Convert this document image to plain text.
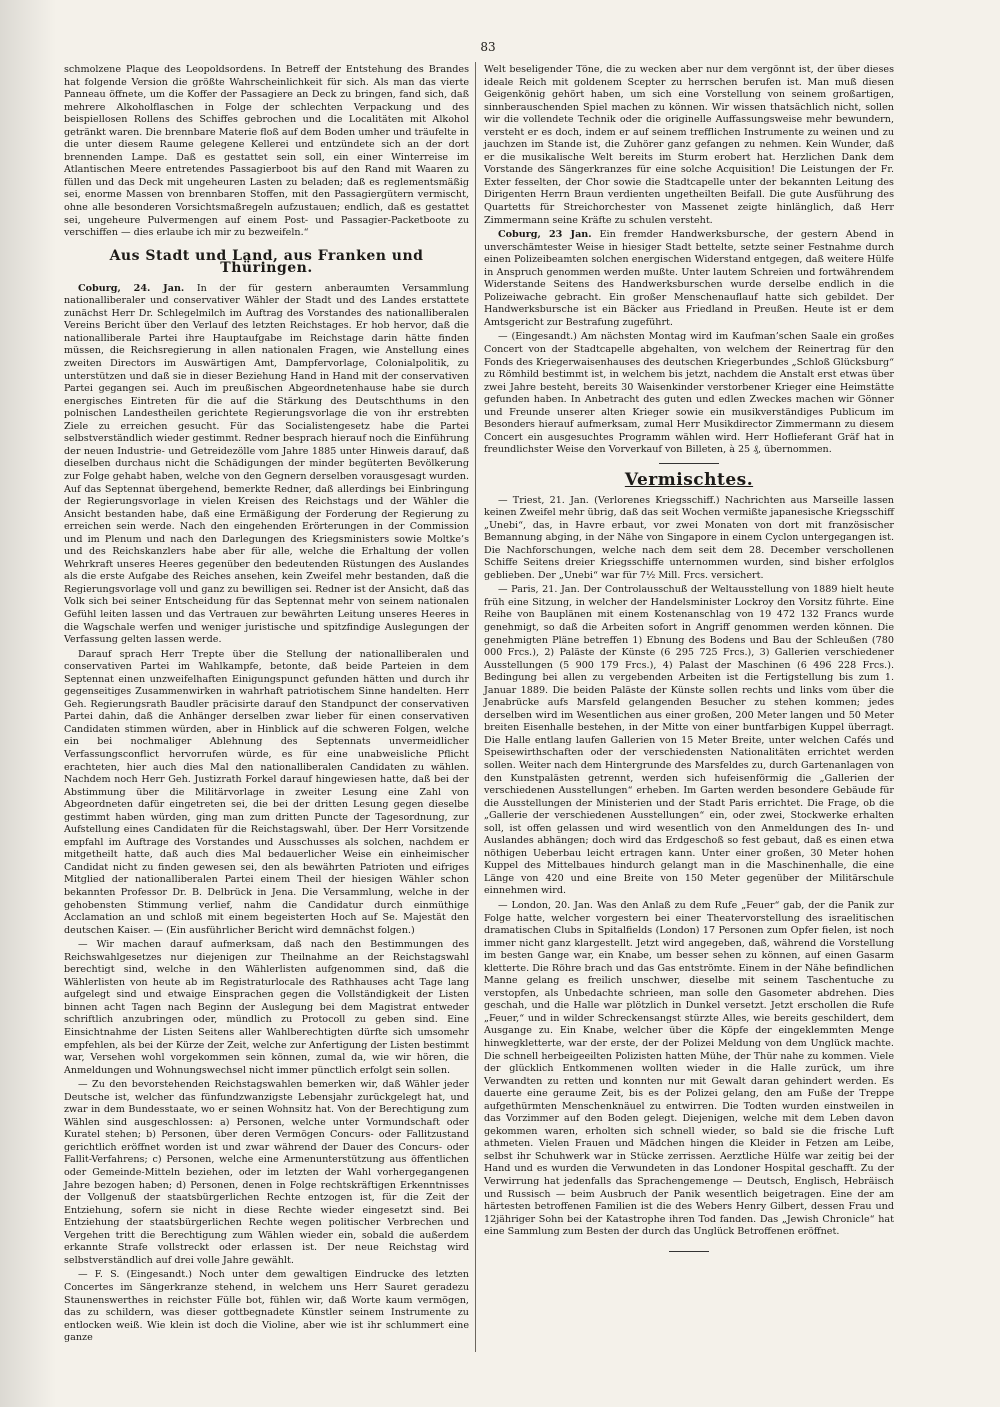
83

schmolzene Plaque des Leopoldsordens. In Betreff der Entstehung des Brandes hat folgende Version die größte Wahrscheinlichkeit für sich. Als man das vierte Panneau öffnete, um die Koffer der Passagiere an Deck zu bringen, fand sich, daß mehrere Alkoholflaschen in Folge der schlechten Verpackung und des beispiellosen Rollens des Schiffes gebrochen und die Localitäten mit Alkohol getränkt waren. Die brennbare Materie floß auf dem Boden umher und träufelte in die unter diesem Raume gelegene Kellerei und entzündete sich an der dort brennenden Lampe. Daß es gestattet sein soll, ein einer Winterreise im Atlantischen Meere entretendes Passagierboot bis auf den Rand mit Waaren zu füllen und das Deck mit ungeheuren Lasten zu beladen; daß es reglementsmäßig sei, enorme Massen von brennbaren Stoffen, mit den Passagiergütern vermischt, ohne alle besonderen Vorsichtsmaßregeln aufzustauen; endlich, daß es gestattet sei, ungeheure Pulvermengen auf einem Post- und Passagier-Packetboote zu verschiffen — dies erlaube ich mir zu bezweifeln.“

Aus Stadt und Land, aus Franken und Thüringen.

Coburg, 24. Jan. In der für gestern anberaumten Versammlung nationalliberaler und conservativer Wähler der Stadt und des Landes erstattete zunächst Herr Dr. Schlegelmilch im Auftrag des Vorstandes des nationalliberalen Vereins Bericht über den Verlauf des letzten Reichstages. Er hob hervor, daß die nationalliberale Partei ihre Hauptaufgabe im Reichstage darin hätte finden müssen, die Reichsregierung in allen nationalen Fragen, wie Anstellung eines zweiten Directors im Auswärtigen Amt, Dampfervorlage, Colonialpolitik, zu unterstützen und daß sie in dieser Beziehung Hand in Hand mit der conservativen Partei gegangen sei. Auch im preußischen Abgeordnetenhause habe sie durch energisches Eintreten für die auf die Stärkung des Deutschthums in den polnischen Landestheilen gerichtete Regierungsvorlage die von ihr erstrebten Ziele zu erreichen gesucht. Für das Socialistengesetz habe die Partei selbstverständlich wieder gestimmt. Redner besprach hierauf noch die Einführung der neuen Industrie- und Getreidezölle vom Jahre 1885 unter Hinweis darauf, daß dieselben durchaus nicht die Schädigungen der minder begüterten Bevölkerung zur Folge gehabt haben, welche von den Gegnern derselben vorausgesagt wurden. Auf das Septennat übergehend, bemerkte Redner, daß allerdings bei Einbringung der Regierungsvorlage in vielen Kreisen des Reichstags und der Wähler die Ansicht bestanden habe, daß eine Ermäßigung der Forderung der Regierung zu erreichen sein werde. Nach den eingehenden Erörterungen in der Commission und im Plenum und nach den Darlegungen des Kriegsministers sowie Moltke’s und des Reichskanzlers habe aber für alle, welche die Erhaltung der vollen Wehrkraft unseres Heeres gegenüber den bedeutenden Rüstungen des Auslandes als die erste Aufgabe des Reiches ansehen, kein Zweifel mehr bestanden, daß die Regierungsvorlage voll und ganz zu bewilligen sei. Redner ist der Ansicht, daß das Volk sich bei seiner Entscheidung für das Septennat mehr von seinem nationalen Gefühl leiten lassen und das Vertrauen zur bewährten Leitung unseres Heeres in die Wagschale werfen und weniger juristische und spitzfindige Auslegungen der Verfassung gelten lassen werde.

Darauf sprach Herr Trepte über die Stellung der nationalliberalen und conservativen Partei im Wahlkampfe, betonte, daß beide Parteien in dem Septennat einen unzweifelhaften Einigungspunct gefunden hätten und durch ihr gegenseitiges Zusammenwirken in wahrhaft patriotischem Sinne handelten. Herr Geh. Regierungsrath Baudler präcisirte darauf den Standpunct der conservativen Partei dahin, daß die Anhänger derselben zwar lieber für einen conservativen Candidaten stimmen würden, aber in Hinblick auf die schweren Folgen, welche ein bei nochmaliger Ablehnung des Septennats unvermeidlicher Verfassungsconflict hervorrufen würde, es für eine unabweisliche Pflicht erachteten, hier auch dies Mal den nationalliberalen Candidaten zu wählen. Nachdem noch Herr Geh. Justizrath Forkel darauf hingewiesen hatte, daß bei der Abstimmung über die Militärvorlage in zweiter Lesung eine Zahl von Abgeordneten dafür eingetreten sei, die bei der dritten Lesung gegen dieselbe gestimmt haben würden, ging man zum dritten Puncte der Tagesordnung, zur Aufstellung eines Candidaten für die Reichstagswahl, über. Der Herr Vorsitzende empfahl im Auftrage des Vorstandes und Ausschusses als solchen, nachdem er mitgetheilt hatte, daß auch dies Mal bedauerlicher Weise ein einheimischer Candidat nicht zu finden gewesen sei, den als bewährten Patrioten und eifriges Mitglied der nationalliberalen Partei einem Theil der hiesigen Wähler schon bekannten Professor Dr. B. Delbrück in Jena. Die Versammlung, welche in der gehobensten Stimmung verlief, nahm die Candidatur durch einmüthige Acclamation an und schloß mit einem begeisterten Hoch auf Se. Majestät den deutschen Kaiser. — (Ein ausführlicher Bericht wird demnächst folgen.)

— Wir machen darauf aufmerksam, daß nach den Bestimmungen des Reichswahlgesetzes nur diejenigen zur Theilnahme an der Reichstagswahl berechtigt sind, welche in den Wählerlisten aufgenommen sind, daß die Wählerlisten von heute ab im Registraturlocale des Rathhauses acht Tage lang aufgelegt sind und etwaige Einsprachen gegen die Vollständigkeit der Listen binnen acht Tagen nach Beginn der Auslegung bei dem Magistrat entweder schriftlich anzubringen oder, mündlich zu Protocoll zu geben sind. Eine Einsichtnahme der Listen Seitens aller Wahlberechtigten dürfte sich umsomehr empfehlen, als bei der Kürze der Zeit, welche zur Anfertigung der Listen bestimmt war, Versehen wohl vorgekommen sein können, zumal da, wie wir hören, die Anmeldungen und Wohnungswechsel nicht immer pünctlich erfolgt sein sollen.

— Zu den bevorstehenden Reichstagswahlen bemerken wir, daß Wähler jeder Deutsche ist, welcher das fünfundzwanzigste Lebensjahr zurückgelegt hat, und zwar in dem Bundesstaate, wo er seinen Wohnsitz hat. Von der Berechtigung zum Wählen sind ausgeschlossen: a) Personen, welche unter Vormundschaft oder Kuratel stehen; b) Personen, über deren Vermögen Concurs- oder Fallitzustand gerichtlich eröffnet worden ist und zwar während der Dauer des Concurs- oder Fallit-Verfahrens; c) Personen, welche eine Armenunterstützung aus öffentlichen oder Gemeinde-Mitteln beziehen, oder im letzten der Wahl vorhergegangenen Jahre bezogen haben; d) Personen, denen in Folge rechtskräftigen Erkenntnisses der Vollgenuß der staatsbürgerlichen Rechte entzogen ist, für die Zeit der Entziehung, sofern sie nicht in diese Rechte wieder eingesetzt sind. Bei Entziehung der staatsbürgerlichen Rechte wegen politischer Verbrechen und Vergehen tritt die Berechtigung zum Wählen wieder ein, sobald die außerdem erkannte Strafe vollstreckt oder erlassen ist. Der neue Reichstag wird selbstverständlich auf drei volle Jahre gewählt.

— F. S. (Eingesandt.) Noch unter dem gewaltigen Eindrucke des letzten Concertes im Sängerkranze stehend, in welchem uns Herr Sauret geradezu Staunenswerthes in reichster Fülle bot, fühlen wir, daß Worte kaum vermögen, das zu schildern, was dieser gottbegnadete Künstler seinem Instrumente zu entlocken weiß. Wie klein ist doch die Violine, aber wie ist ihr schlummert eine ganze

Welt beseligender Töne, die zu wecken aber nur dem vergönnt ist, der über dieses ideale Reich mit goldenem Scepter zu herrschen berufen ist. Man muß diesen Geigenkönig gehört haben, um sich eine Vorstellung von seinem großartigen, sinnberauschenden Spiel machen zu können. Wir wissen thatsächlich nicht, sollen wir die vollendete Technik oder die originelle Auffassungsweise mehr bewundern, versteht er es doch, indem er auf seinem trefflichen Instrumente zu weinen und zu jauchzen im Stande ist, die Zuhörer ganz gefangen zu nehmen. Kein Wunder, daß er die musikalische Welt bereits im Sturm erobert hat. Herzlichen Dank dem Vorstande des Sängerkranzes für eine solche Acquisition! Die Leistungen der Fr. Exter fesselten, der Chor sowie die Stadtcapelle unter der bekannten Leitung des Dirigenten Herrn Braun verdienten ungetheilten Beifall. Die gute Ausführung des Quartetts für Streichorchester von Massenet zeigte hinlänglich, daß Herr Zimmermann seine Kräfte zu schulen versteht.

Coburg, 23 Jan. Ein fremder Handwerksbursche, der gestern Abend in unverschämtester Weise in hiesiger Stadt bettelte, setzte seiner Festnahme durch einen Polizeibeamten solchen energischen Widerstand entgegen, daß weitere Hülfe in Anspruch genommen werden mußte. Unter lautem Schreien und fortwährendem Widerstande Seitens des Handwerksburschen wurde derselbe endlich in die Polizeiwache gebracht. Ein großer Menschenauflauf hatte sich gebildet. Der Handwerksbursche ist ein Bäcker aus Friedland in Preußen. Heute ist er dem Amtsgericht zur Bestrafung zugeführt.

— (Eingesandt.) Am nächsten Montag wird im Kaufman’schen Saale ein großes Concert von der Stadtcapelle abgehalten, von welchem der Reinertrag für den Fonds des Kriegerwaisenhauses des deutschen Kriegerbundes „Schloß Glücksburg“ zu Römhild bestimmt ist, in welchem bis jetzt, nachdem die Anstalt erst etwas über zwei Jahre besteht, bereits 30 Waisenkinder verstorbener Krieger eine Heimstätte gefunden haben. In Anbetracht des guten und edlen Zweckes machen wir Gönner und Freunde unserer alten Krieger sowie ein musikverständiges Publicum im Besonders hierauf aufmerksam, zumal Herr Musikdirector Zimmermann zu diesem Concert ein ausgesuchtes Programm wählen wird. Herr Hoflieferant Gräf hat in freundlichster Weise den Vorverkauf von Billeten, à 25 ₰, übernommen.

Vermischtes.

— Triest, 21. Jan. (Verlorenes Kriegsschiff.) Nachrichten aus Marseille lassen keinen Zweifel mehr übrig, daß das seit Wochen vermißte japanesische Kriegsschiff „Unebi“, das, in Havre erbaut, vor zwei Monaten von dort mit französischer Bemannung abging, in der Nähe von Singapore in einem Cyclon untergegangen ist. Die Nachforschungen, welche nach dem seit dem 28. December verschollenen Schiffe Seitens dreier Kriegsschiffe unternommen wurden, sind bisher erfolglos geblieben. Der „Unebi“ war für 7½ Mill. Frcs. versichert.

— Paris, 21. Jan. Der Controlausschuß der Weltausstellung von 1889 hielt heute früh eine Sitzung, in welcher der Handelsminister Lockroy den Vorsitz führte. Eine Reihe von Bauplänen mit einem Kostenanschlag von 19 472 132 Francs wurde genehmigt, so daß die Arbeiten sofort in Angriff genommen werden können. Die genehmigten Pläne betreffen 1) Ebnung des Bodens und Bau der Schleußen (780 000 Frcs.), 2) Paläste der Künste (6 295 725 Frcs.), 3) Gallerien verschiedener Ausstellungen (5 900 179 Frcs.), 4) Palast der Maschinen (6 496 228 Frcs.). Bedingung bei allen zu vergebenden Arbeiten ist die Fertigstellung bis zum 1. Januar 1889. Die beiden Paläste der Künste sollen rechts und links vom über die Jenabrücke aufs Marsfeld gelangenden Besucher zu stehen kommen; jedes derselben wird im Wesentlichen aus einer großen, 200 Meter langen und 50 Meter breiten Eisenhalle bestehen, in der Mitte von einer buntfarbigen Kuppel überragt. Die Halle entlang laufen Gallerien von 15 Meter Breite, unter welchen Cafés und Speisewirthschaften oder der verschiedensten Nationalitäten errichtet werden sollen. Weiter nach dem Hintergrunde des Marsfeldes zu, durch Gartenanlagen von den Kunstpalästen getrennt, werden sich hufeisenförmig die „Gallerien der verschiedenen Ausstellungen“ erheben. Im Garten werden besondere Gebäude für die Ausstellungen der Ministerien und der Stadt Paris errichtet. Die Frage, ob die „Gallerie der verschiedenen Ausstellungen“ ein, oder zwei, Stockwerke erhalten soll, ist offen gelassen und wird wesentlich von den Anmeldungen des In- und Auslandes abhängen; doch wird das Erdgeschoß so fest gebaut, daß es einen etwa nöthigen Ueberbau leicht ertragen kann. Unter einer großen, 30 Meter hohen Kuppel des Mittelbaues hindurch gelangt man in die Maschinenhalle, die eine Länge von 420 und eine Breite von 150 Meter gegenüber der Militärschule einnehmen wird.

— London, 20. Jan. Was den Anlaß zu dem Rufe „Feuer“ gab, der die Panik zur Folge hatte, welcher vorgestern bei einer Theatervorstellung des israelitischen dramatischen Clubs in Spitalfields (London) 17 Personen zum Opfer fielen, ist noch immer nicht ganz klargestellt. Jetzt wird angegeben, daß, während die Vorstellung im besten Gange war, ein Knabe, um besser sehen zu können, auf einen Gasarm kletterte. Die Röhre brach und das Gas entströmte. Einem in der Nähe befindlichen Manne gelang es freilich unschwer, dieselbe mit seinem Taschentuche zu verstopfen, als Unbedachte schrieen, man solle den Gasometer abdrehen. Dies geschah, und die Halle war plötzlich in Dunkel versetzt. Jetzt erschollen die Rufe „Feuer,“ und in wilder Schreckensangst stürzte Alles, wie bereits geschildert, dem Ausgange zu. Ein Knabe, welcher über die Köpfe der eingeklemmten Menge hinwegkletterte, war der erste, der der Polizei Meldung von dem Unglück machte. Die schnell herbeigeeilten Polizisten hatten Mühe, der Thür nahe zu kommen. Viele der glücklich Entkommenen wollten wieder in die Halle zurück, um ihre Verwandten zu retten und konnten nur mit Gewalt daran gehindert werden. Es dauerte eine geraume Zeit, bis es der Polizei gelang, den am Fuße der Treppe aufgethürmten Menschenknäuel zu entwirren. Die Todten wurden einstweilen in das Vorzimmer auf den Boden gelegt. Diejenigen, welche mit dem Leben davon gekommen waren, erholten sich schnell wieder, so bald sie die frische Luft athmeten. Vielen Frauen und Mädchen hingen die Kleider in Fetzen am Leibe, selbst ihr Schuhwerk war in Stücke zerrissen. Aerztliche Hülfe war zeitig bei der Hand und es wurden die Verwundeten in das Londoner Hospital geschafft. Zu der Verwirrung hat jedenfalls das Sprachengemenge — Deutsch, Englisch, Hebräisch und Russisch — beim Ausbruch der Panik wesentlich beigetragen. Eine der am härtesten betroffenen Familien ist die des Webers Henry Gilbert, dessen Frau und 12jähriger Sohn bei der Katastrophe ihren Tod fanden. Das „Jewish Chronicle“ hat eine Sammlung zum Besten der durch das Unglück Betroffenen eröffnet.
